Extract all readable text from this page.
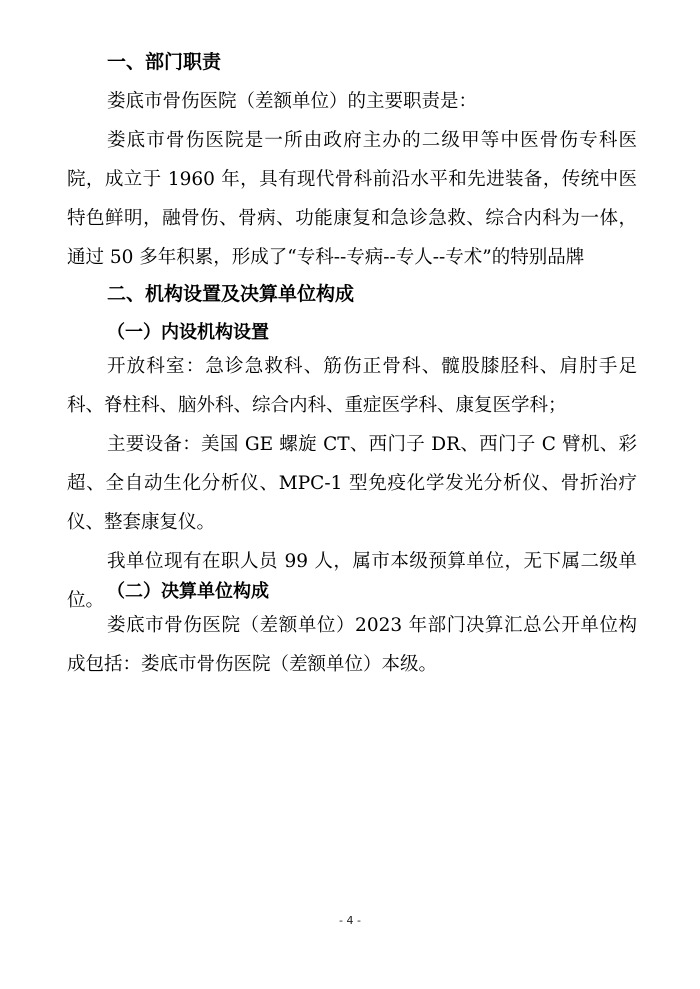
一、部门职责
娄底市骨伤医院（差额单位）的主要职责是：
娄底市骨伤医院是一所由政府主办的二级甲等中医骨伤专科医院，成立于 1960 年，具有现代骨科前沿水平和先进装备，传统中医特色鲜明，融骨伤、骨病、功能康复和急诊急救、综合内科为一体，通过 50 多年积累，形成了“专科--专病--专人--专术”的特别品牌
二、机构设置及决算单位构成
（一）内设机构设置
开放科室：急诊急救科、筋伤正骨科、髋股膝胫科、肩肘手足科、脊柱科、脑外科、综合内科、重症医学科、康复医学科；
主要设备：美国 GE 螺旋 CT、西门子 DR、西门子 C 臂机、彩超、全自动生化分析仪、MPC-1 型免疫化学发光分析仪、骨折治疗仪、整套康复仪。
我单位现有在职人员 99 人，属市本级预算单位，无下属二级单位。 （二）决算单位构成
娄底市骨伤医院（差额单位）2023 年部门决算汇总公开单位构成包括：娄底市骨伤医院（差额单位）本级。
- 4 -
